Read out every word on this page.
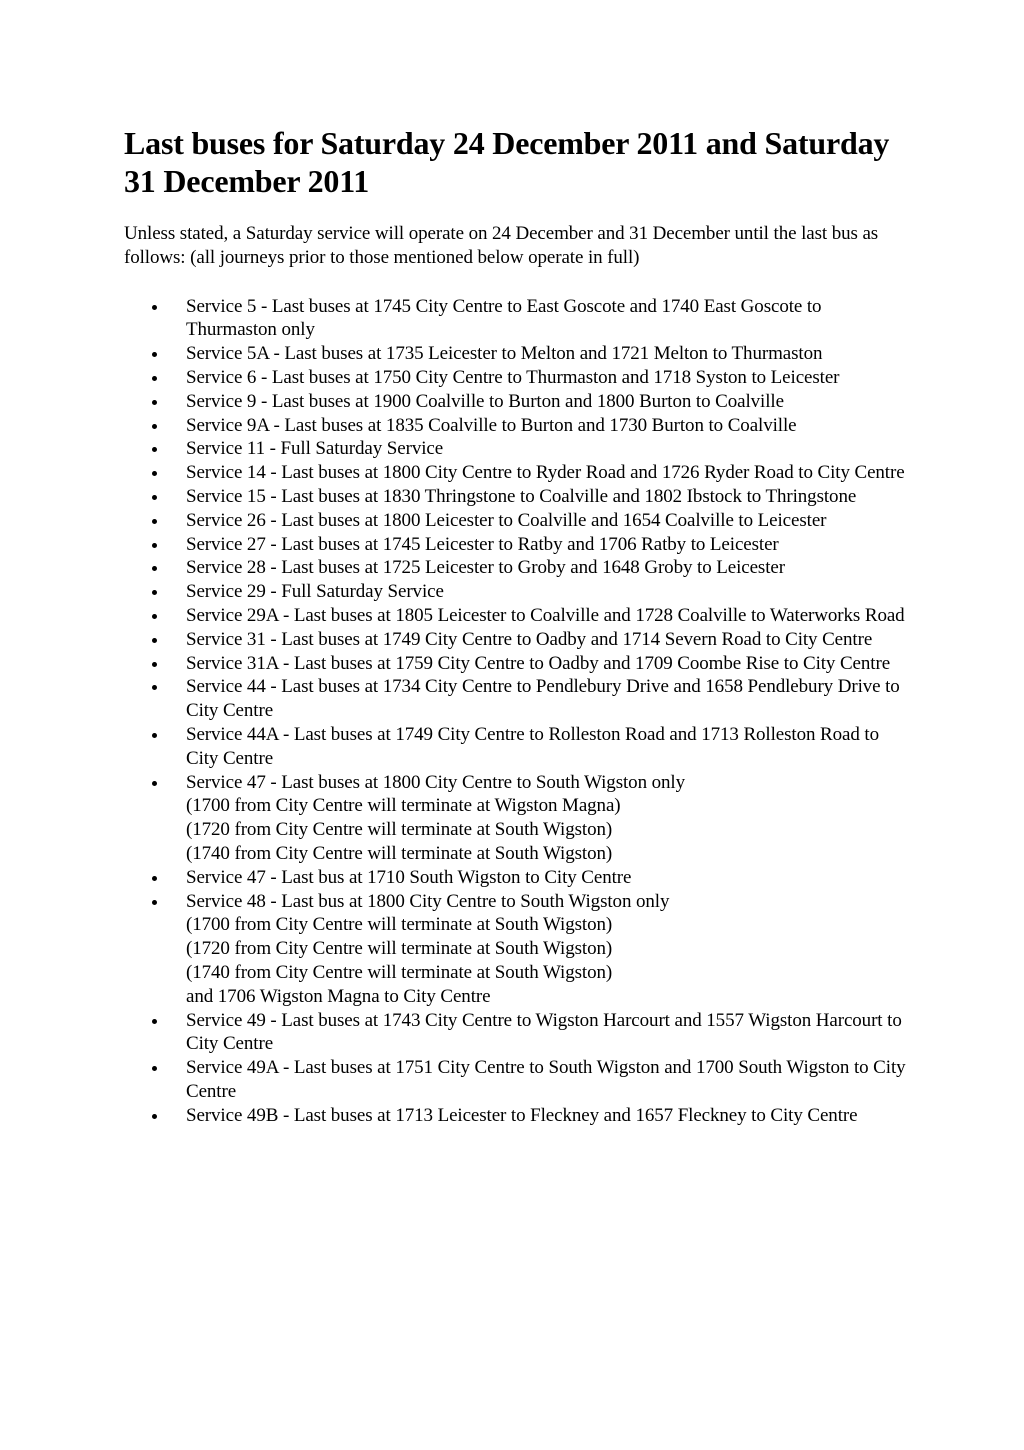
Last buses for Saturday 24 December 2011 and Saturday 31 December 2011

Unless stated, a Saturday service will operate on 24 December and 31 December until the last bus as follows: (all journeys prior to those mentioned below operate in full)

Service 5 - Last buses at 1745 City Centre to East Goscote and 1740 East Goscote to Thurmaston only
Service 5A - Last buses at 1735 Leicester to Melton and 1721 Melton to Thurmaston
Service 6 - Last buses at 1750 City Centre to Thurmaston and 1718 Syston to Leicester
Service 9 - Last buses at 1900 Coalville to Burton and 1800 Burton to Coalville
Service 9A - Last buses at 1835 Coalville to Burton and 1730 Burton to Coalville
Service 11 - Full Saturday Service
Service 14 - Last buses at 1800 City Centre to Ryder Road and 1726 Ryder Road to City Centre
Service 15 - Last buses at 1830 Thringstone to Coalville and 1802 Ibstock to Thringstone
Service 26 - Last buses at 1800 Leicester to Coalville and 1654 Coalville to Leicester
Service 27 - Last buses at 1745 Leicester to Ratby and 1706 Ratby to Leicester
Service 28 - Last buses at 1725 Leicester to Groby and 1648 Groby to Leicester
Service 29 - Full Saturday Service
Service 29A - Last buses at 1805 Leicester to Coalville and 1728 Coalville to Waterworks Road
Service 31 - Last buses at 1749 City Centre to Oadby and 1714 Severn Road to City Centre
Service 31A - Last buses at 1759 City Centre to Oadby and 1709 Coombe Rise to City Centre
Service 44 - Last buses at 1734 City Centre to Pendlebury Drive and 1658 Pendlebury Drive to City Centre
Service 44A - Last buses at 1749 City Centre to Rolleston Road and 1713 Rolleston Road to City Centre
Service 47 - Last buses at 1800 City Centre to South Wigston only
(1700 from City Centre will terminate at Wigston Magna)
(1720 from City Centre will terminate at South Wigston)
(1740 from City Centre will terminate at South Wigston)
Service 47 - Last bus at 1710 South Wigston to City Centre
Service 48 - Last bus at 1800 City Centre to South Wigston only
(1700 from City Centre will terminate at South Wigston)
(1720 from City Centre will terminate at South Wigston)
(1740 from City Centre will terminate at South Wigston)
and 1706 Wigston Magna to City Centre
Service 49 - Last buses at 1743 City Centre to Wigston Harcourt and 1557 Wigston Harcourt to City Centre
Service 49A - Last buses at 1751 City Centre to South Wigston and 1700 South Wigston to City Centre
Service 49B - Last buses at 1713 Leicester to Fleckney and 1657 Fleckney to City Centre
